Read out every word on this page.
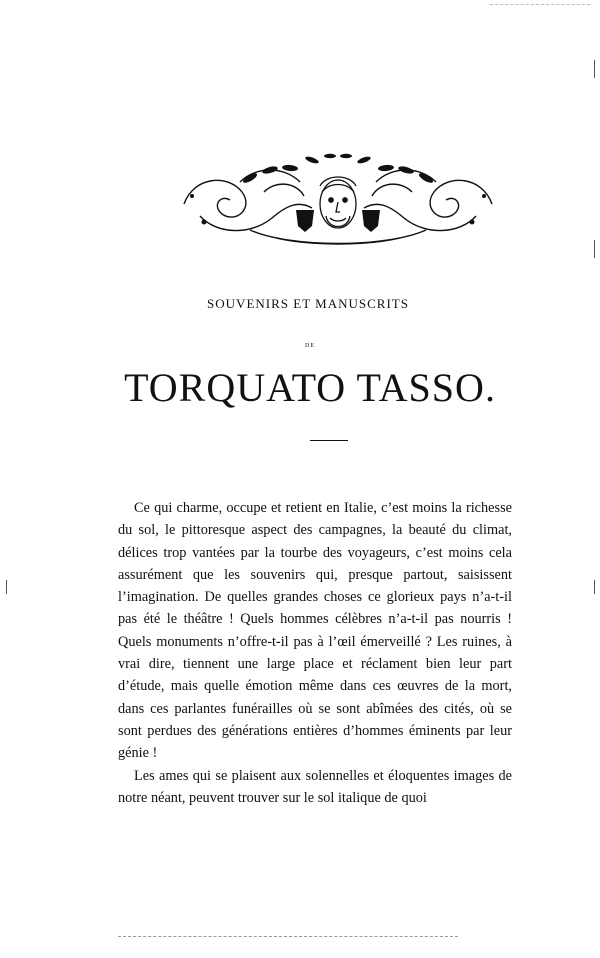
SOUVENIRS ET MANUSCRITS
DE
TORQUATO TASSO.

Ce qui charme, occupe et retient en Italie, c’est moins la richesse du sol, le pittoresque aspect des campagnes, la beauté du climat, délices trop vantées par la tourbe des voyageurs, c’est moins cela assurément que les souvenirs qui, presque partout, saisissent l’imagination. De quelles grandes choses ce glorieux pays n’a-t-il pas été le théâtre ! Quels hommes célèbres n’a-t-il pas nourris ! Quels monuments n’offre-t-il pas à l’œil émerveillé ? Les ruines, à vrai dire, tiennent une large place et réclament bien leur part d’étude, mais quelle émotion même dans ces œuvres de la mort, dans ces parlantes funérailles où se sont abîmées des cités, où se sont perdues des générations entières d’hommes éminents par leur génie !

Les ames qui se plaisent aux solennelles et éloquentes images de notre néant, peuvent trouver sur le sol italique de quoi
